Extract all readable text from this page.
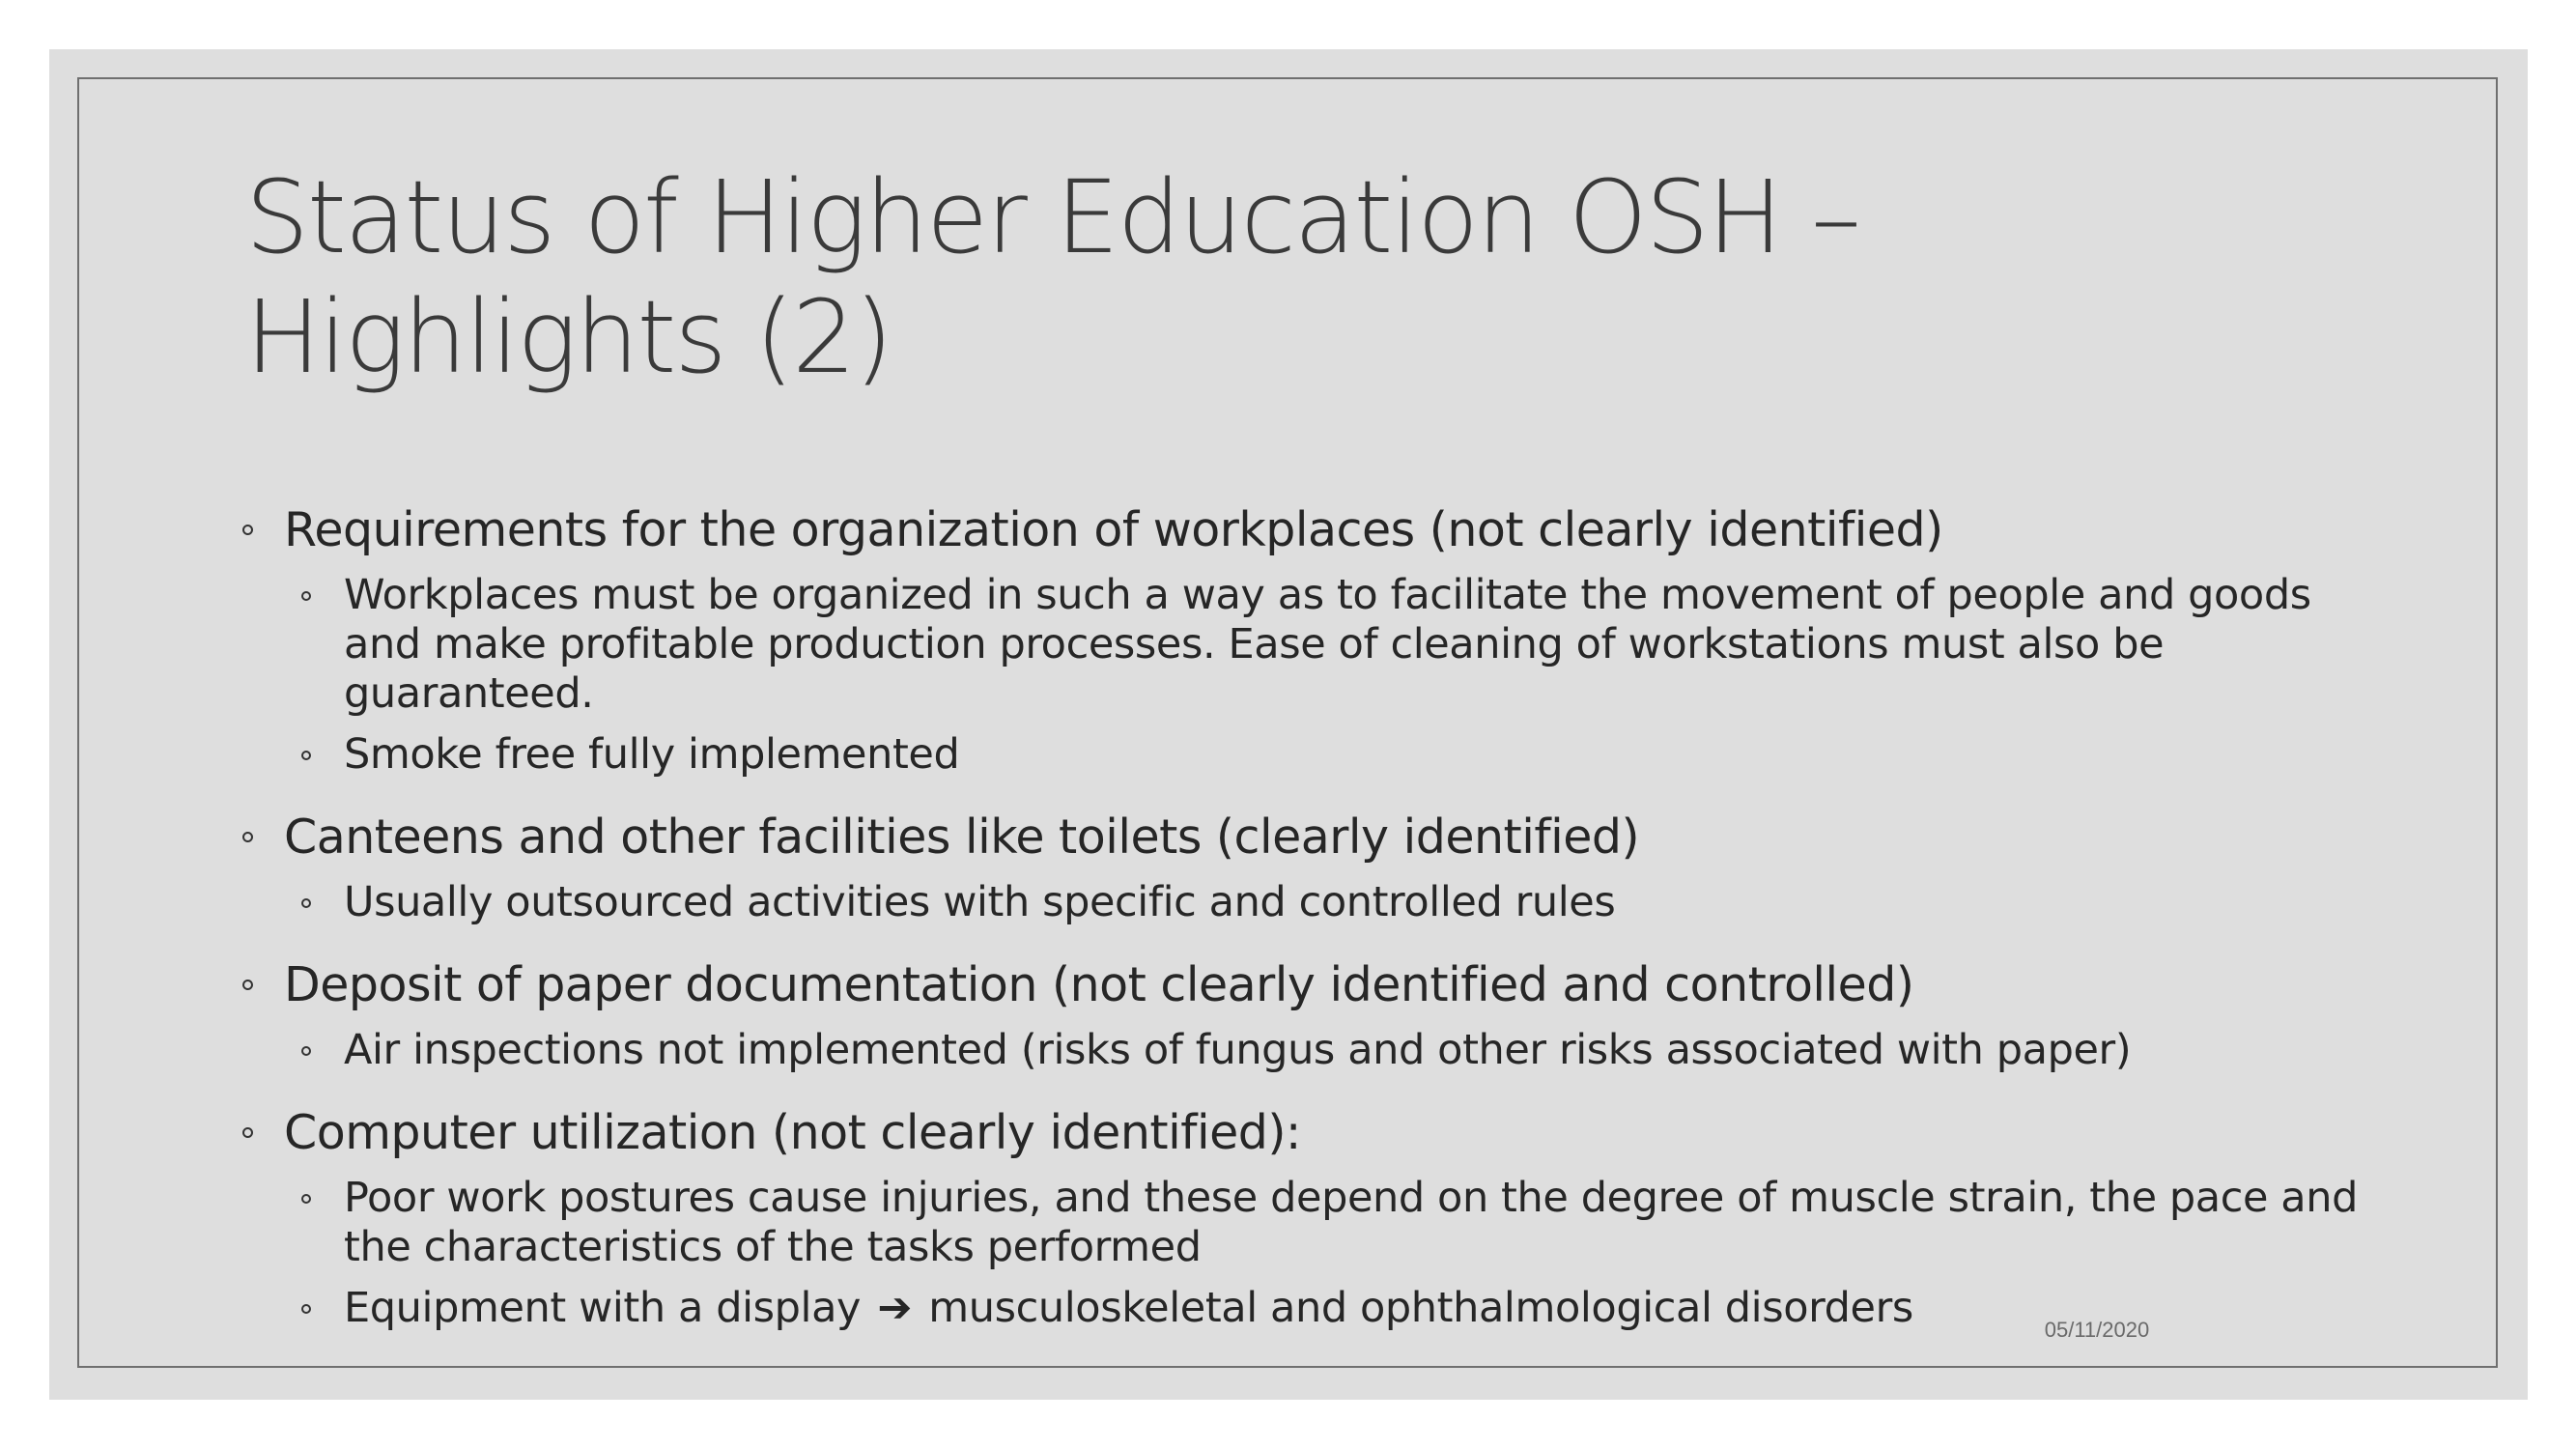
Status of Higher Education OSH –
Highlights (2)
Requirements for the organization of workplaces (not clearly identified)
Workplaces must be organized in such a way as to facilitate the movement of people and goods and make profitable production processes. Ease of cleaning of workstations must also be guaranteed.
Smoke free fully implemented
Canteens and other facilities like toilets (clearly identified)
Usually outsourced activities with specific and controlled rules
Deposit of paper documentation (not clearly identified and controlled)
Air inspections not implemented (risks of fungus and other risks associated with paper)
Computer utilization (not clearly identified):
Poor work postures cause injuries, and these depend on the degree of muscle strain, the pace and the characteristics of the tasks performed
Equipment with a display ➔ musculoskeletal and ophthalmological disorders	05/11/2020
